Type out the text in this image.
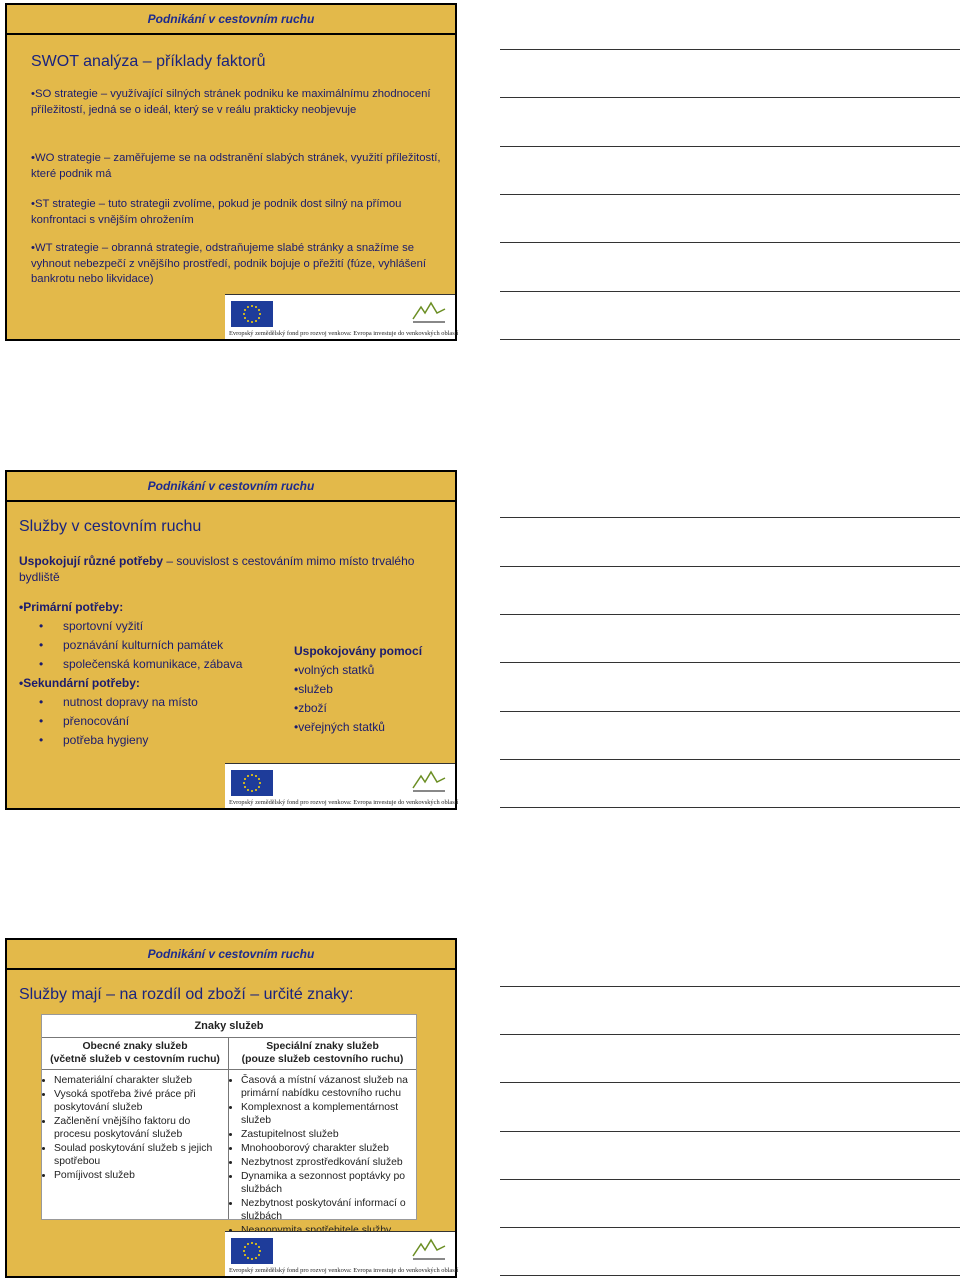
Podnikání v cestovním ruchu
SWOT analýza – příklady faktorů
•SO strategie – využívající silných stránek podniku ke maximálnímu zhodnocení příležitostí, jedná se o ideál, který se v reálu prakticky neobjevuje
•WO strategie – zaměřujeme se na odstranění slabých stránek, využití příležitostí, které podnik má
•ST strategie – tuto strategii zvolíme, pokud je podnik dost silný na přímou konfrontaci s vnějším ohrožením
•WT strategie – obranná strategie, odstraňujeme slabé stránky a snažíme se vyhnout nebezpečí z vnějšího prostředí, podnik bojuje o přežití (fúze, vyhlášení bankrotu nebo likvidace)
Evropský zemědělský fond pro rozvoj venkova: Evropa investuje do venkovských oblastí
Podnikání v cestovním ruchu
Služby v cestovním ruchu
Uspokojují různé potřeby – souvislost s cestováním mimo místo trvalého bydliště
•Primární potřeby:
• sportovní vyžití
• poznávání kulturních památek
• společenská komunikace, zábava
•Sekundární potřeby:
• nutnost dopravy na místo
• přenocování
• potřeba hygieny
Uspokojovány pomocí
•volných statků
•služeb
•zboží
•veřejných statků
Evropský zemědělský fond pro rozvoj venkova: Evropa investuje do venkovských oblastí
Podnikání v cestovním ruchu
Služby mají – na rozdíl od zboží – určité znaky:
Znaky služeb
Obecné znaky služeb
(včetně služeb v cestovním ruchu)
• Nemateriální charakter služeb
• Vysoká spotřeba živé práce při poskytování služeb
• Začlenění vnějšího faktoru do procesu poskytování služeb
• Soulad poskytování služeb s jejich spotřebou
• Pomíjivost služeb
Speciální znaky služeb
(pouze služeb cestovního ruchu)
• Časová a místní vázanost služeb na primární nabídku cestovního ruchu
• Komplexnost a komplementárnost služeb
• Zastupitelnost služeb
• Mnohooborový charakter služeb
• Nezbytnost zprostředkování služeb
• Dynamika a sezonnost poptávky po službách
• Nezbytnost poskytování informací o službách
•
Evropský zemědělský fond pro rozvoj venkova: Evropa investuje do venkovských oblastí
